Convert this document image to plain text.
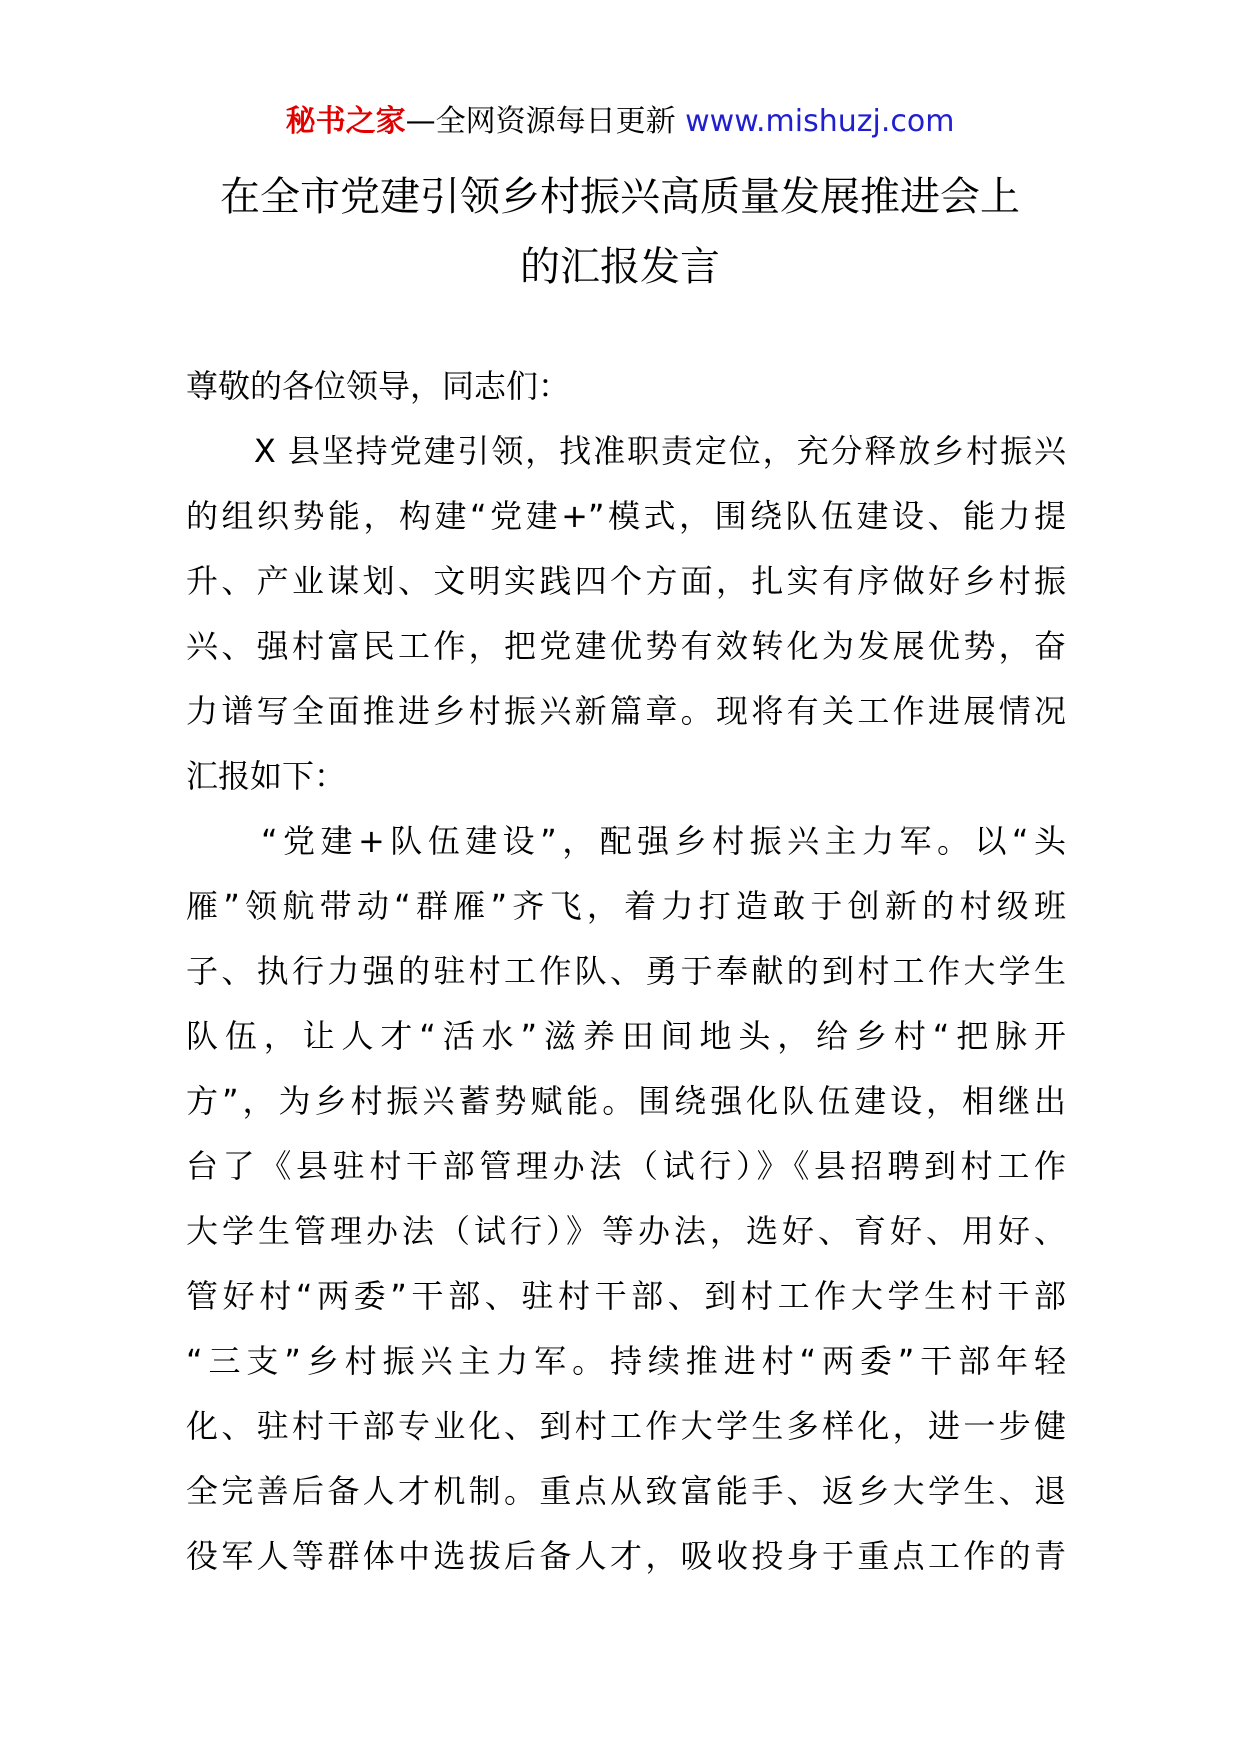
秘书之家—全网资源每日更新 www.mishuzj.com
在全市党建引领乡村振兴高质量发展推进会上
的汇报发言
尊敬的各位领导，同志们：
　　X 县坚持党建引领，找准职责定位，充分释放乡村振兴
的组织势能，构建“党建+”模式，围绕队伍建设、能力提
升、产业谋划、文明实践四个方面，扎实有序做好乡村振
兴、强村富民工作，把党建优势有效转化为发展优势，奋
力谱写全面推进乡村振兴新篇章。现将有关工作进展情况
汇报如下：
　　“党建+队伍建设”，配强乡村振兴主力军。以“头
雁”领航带动“群雁”齐飞，着力打造敢于创新的村级班
子、执行力强的驻村工作队、勇于奉献的到村工作大学生
队伍，让人才“活水”滋养田间地头，给乡村“把脉开
方”，为乡村振兴蓄势赋能。围绕强化队伍建设，相继出
台了《县驻村干部管理办法（试行）》《县招聘到村工作
大学生管理办法（试行）》等办法，选好、育好、用好、
管好村“两委”干部、驻村干部、到村工作大学生村干部
“三支”乡村振兴主力军。持续推进村“两委”干部年轻
化、驻村干部专业化、到村工作大学生多样化，进一步健
全完善后备人才机制。重点从致富能手、返乡大学生、退
役军人等群体中选拔后备人才，吸收投身于重点工作的青
